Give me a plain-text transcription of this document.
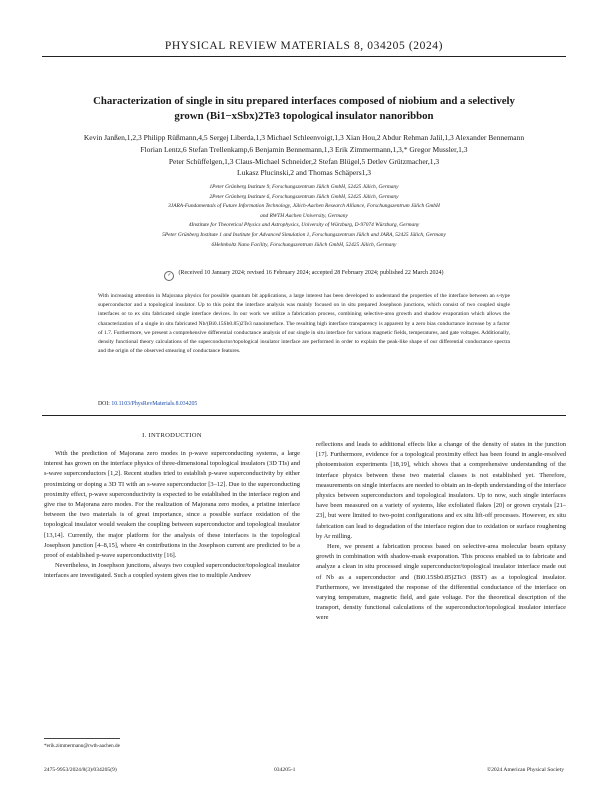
PHYSICAL REVIEW MATERIALS 8, 034205 (2024)
Characterization of single in situ prepared interfaces composed of niobium and a selectively
grown (Bi1−xSbx)2Te3 topological insulator nanoribbon
Kevin Janßen,1,2,3 Philipp Rüßmann,4,5 Sergej Liberda,1,3 Michael Schleenvoigt,1,3 Xian Hou,2 Abdur Rehman Jalil,1,3 Alexander Bennemann
Florian Lentz,6 Stefan Trellenkamp,6 Benjamin Bennemann,1,3 Erik Zimmermann,1,3,* Gregor Mussler,1,3
Peter Schüffelgen,1,3 Claus-Michael Schneider,2 Stefan Blügel,5 Detlev Grützmacher,1,3
Lukasz Plucinski,2 and Thomas Schäpers1,3
1Peter Grünberg Institute 9, Forschungszentrum Jülich GmbH, 52425 Jülich, Germany
2Peter Grünberg Institute 6, Forschungszentrum Jülich GmbH, 52425 Jülich, Germany
3JARA-Fundamentals of Future Information Technology, Jülich-Aachen Research Alliance, Forschungszentrum Jülich GmbH
and RWTH Aachen University, Germany
4Institute for Theoretical Physics and Astrophysics, University of Würzburg, D-97074 Würzburg, Germany
5Peter Grünberg Institute 1 and Institute for Advanced Simulation 1, Forschungszentrum Jülich and JARA, 52425 Jülich, Germany
6Helmholtz Nano Facility, Forschungszentrum Jülich GmbH, 52425 Jülich, Germany
✓ (Received 10 January 2024; revised 16 February 2024; accepted 28 February 2024; published 22 March 2024)
With increasing attention in Majorana physics for possible quantum bit applications, a large interest has been developed to understand the properties of the interface between an s-type superconductor and a topological insulator. Up to this point the interface analysis was mainly focused on in situ prepared Josephson junctions, which consist of two coupled single interfaces or to ex situ fabricated single interface devices. In our work we utilize a fabrication process, combining selective-area growth and shadow evaporation which allows the characterization of a single in situ fabricated Nb/(Bi0.15Sb0.85)2Te3 nanointerface. The resulting high interface transparency is apparent by a zero bias conductance increase by a factor of 1.7. Furthermore, we present a comprehensive differential conductance analysis of our single in situ interface for various magnetic fields, temperatures, and gate voltages. Additionally, density functional theory calculations of the superconductor/topological insulator interface are performed in order to explain the peak-like shape of our differential conductance spectra and the origin of the observed smearing of conductance features.
DOI: 10.1103/PhysRevMaterials.8.034205
I. INTRODUCTION

With the prediction of Majorana zero modes in p-wave superconducting systems, a large interest has grown on the interface physics of three-dimensional topological insulators (3D TIs) and s-wave superconductors [1,2]. Recent studies tried to establish p-wave superconductivity by either proximizing or doping a 3D TI with an s-wave superconductor [3–12]. Due to the superconducting proximity effect, p-wave superconductivity is expected to be established in the interface region and give rise to Majorana zero modes. For the realization of Majorana zero modes, a pristine interface between the two materials is of great importance, since a possible surface oxidation of the topological insulator would weaken the coupling between superconductor and topological insulator [13,14]. Currently, the major platform for the analysis of these interfaces is the topological Josephson junction [4–8,15], where 4π contributions in the Josephson current are predicted to be a proof of established p-wave superconductivity [16].

Nevertheless, in Josephson junctions, always two coupled superconductor/topological insulator interfaces are investigated. Such a coupled system gives rise to multiple Andreev

reflections and leads to additional effects like a change of the density of states in the junction [17]. Furthermore, evidence for a topological proximity effect has been found in angle-resolved photoemission experiments [18,19], which shows that a comprehensive understanding of the interface physics between these two material classes is not established yet. Therefore, measurements on single interfaces are needed to obtain an in-depth understanding of the interface physics between superconductors and topological insulators. Up to now, such single interfaces have been measured on a variety of systems, like exfoliated flakes [20] or grown crystals [21–23], but were limited to two-point configurations and ex situ lift-off processes. However, ex situ fabrication can lead to degradation of the interface region due to oxidation or surface roughening by Ar milling.

Here, we present a fabrication process based on selective-area molecular beam epitaxy growth in combination with shadow-mask evaporation. This process enabled us to fabricate and analyze a clean in situ processed single superconductor/topological insulator interface made out of Nb as a superconductor and (Bi0.15Sb0.85)2Te3 (BST) as a topological insulator. Furthermore, we investigated the response of the differential conductance of the interface on varying temperature, magnetic field, and gate voltage. For the theoretical description of the transport, density functional calculations of the superconductor/topological insulator interface were

*erik.zimmermann@rwth-aachen.de
2475-9953/2024/8(3)/034205(9)	034205-1	©2024 American Physical Society
